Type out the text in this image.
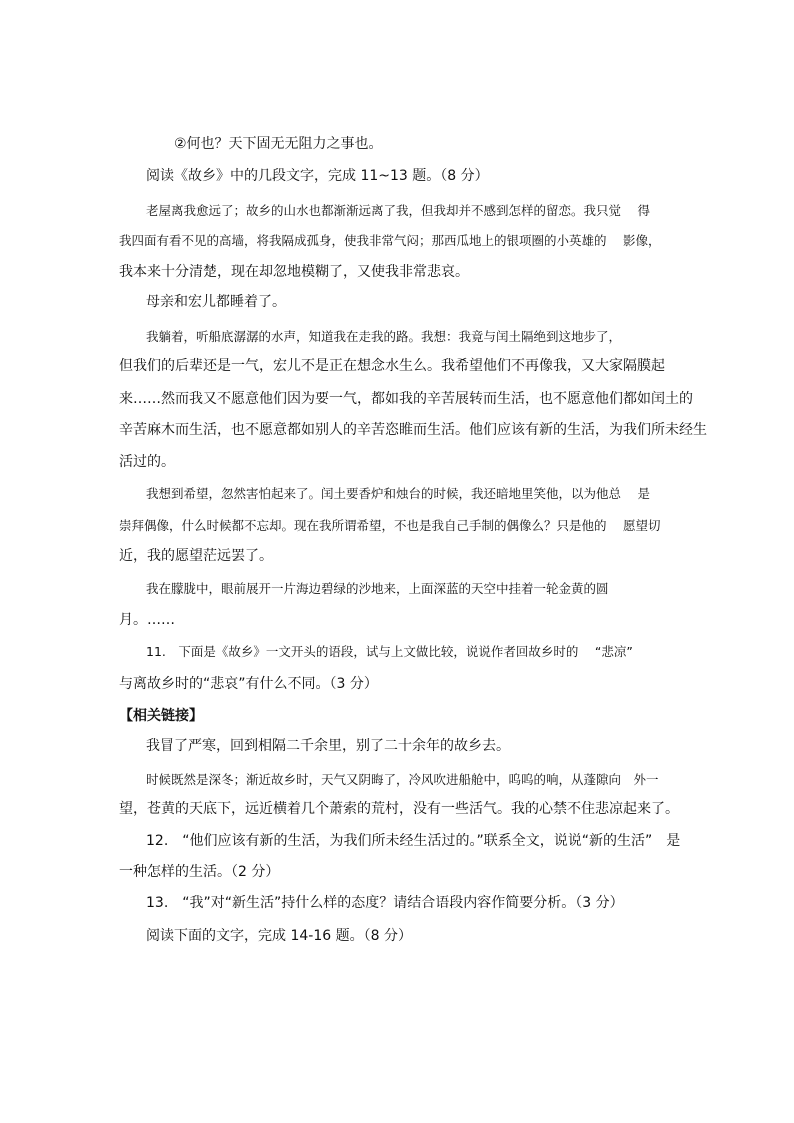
②何也？天下固无无阻力之事也。
阅读《故乡》中的几段文字，完成 11~13 题。（8 分）
老屋离我愈远了；故乡的山水也都渐渐远离了我，但我却并不感到怎样的留恋。我只觉　 得
我四面有看不见的高墙，将我隔成孤身，使我非常气闷；那西瓜地上的银项圈的小英雄的　 影像，
我本来十分清楚，现在却忽地模糊了，又使我非常悲哀。
母亲和宏儿都睡着了。
我躺着，听船底潺潺的水声，知道我在走我的路。我想：我竟与闰土隔绝到这地步了，
但我们的后辈还是一气，宏儿不是正在想念水生么。我希望他们不再像我，又大家隔膜起
来……然而我又不愿意他们因为要一气，都如我的辛苦展转而生活，也不愿意他们都如闰土的
辛苦麻木而生活，也不愿意都如别人的辛苦恣睢而生活。他们应该有新的生活，为我们所未经生
活过的。
我想到希望，忽然害怕起来了。闰土要香炉和烛台的时候，我还暗地里笑他，以为他总　 是
崇拜偶像，什么时候都不忘却。现在我所谓希望，不也是我自己手制的偶像么？只是他的　 愿望切
近，我的愿望茫远罢了。
我在朦胧中，眼前展开一片海边碧绿的沙地来，上面深蓝的天空中挂着一轮金黄的圆
月。……
11.　下面是《故乡》一文开头的语段，试与上文做比较，说说作者回故乡时的　 “悲凉”
与离故乡时的“悲哀”有什么不同。（3 分）
【相关链接】
我冒了严寒，回到相隔二千余里，别了二十余年的故乡去。
时候既然是深冬；渐近故乡时，天气又阴晦了，冷风吹进船舱中，呜呜的响，从蓬隙向　外一
望，苍黄的天底下，远近横着几个萧索的荒村，没有一些活气。我的心禁不住悲凉起来了。
12.　“他们应该有新的生活，为我们所未经生活过的。”联系全文，说说“新的生活”　是
一种怎样的生活。（2 分）
13.　“我”对“新生活”持什么样的态度？请结合语段内容作简要分析。（3 分）
阅读下面的文字，完成 14-16 题。（8 分）
